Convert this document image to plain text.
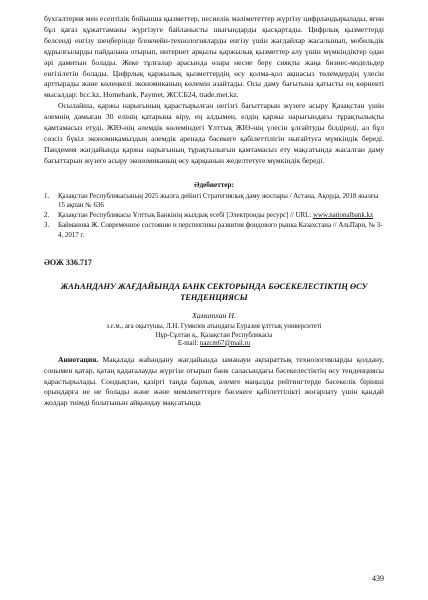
бухгалтерия мен есептілік бойынша қызметтер, несиелік мәлімететтер жүргізу цифрландырылады, яғни бұл қағаз құжаттаманы жүргізуге байланысты шығындарды қысқартады. Цифрлық қызметтерді белсенді енгізу шеңберінде блокчейн-технологияларды енгізу үшін жағдайлар жасалынып, мобильдік құрылғыларды пайдалана отырып, интернет арқылы қаржылық қызметтер алу үшін мүмкіндіктер одан әрі дамитын болады. Жеке тұлғалар арасында өзара несие беру сияқты жаңа бизнес-модельдер енгізілетін болады. Цифрлық қаржылық қызметтердің өсу қолма-қол ақшасыз төлемдердің үлесін арттырады және көлеңкелі экономиканың көлемін азайтады. Осы даму бағытына қатысты ең көрнекті мысалдар: bcc.kz, Homebank, Paymet, ЖССБ24, trade.met.kz.

Осылайша, қаржы нарығының қарастырылған негізгі бағыттарын жүзеге асыру Қазақстан үшін әлемнің дамыған 30 елінің қатарына кіру, ең алдымен, елдің қаржы нарығындағы тұрақтылықты қамтамасыз етуді, ЖІӨ-нің әлемдік көлеміндегі Ұлттық ЖІӨ-нің үлесін ұлғайтуды білдіреді, ал бұл сөзсіз бүкіл экономикамыздың әлемдік аренада бәсекеге қабілеттілігін нығайтуға мүмкіндік береді. Пандемия жағдайында қаржы нарығының тұрақтылығын қамтамасыз ету мақсатында жасалған даму бағыттарын жүзеге асыру экономиканың өсу қарқынын жеделтетуге мүмкіндік береді.

Әдебиеттер:
1.	Қазақстан Республикасының 2025 жылға дейінгі Стратегиялық даму жоспары / Астана, Ақорда, 2018 жылғы 15 ақпан № 636
2.	Қазақстан Республикасы Ұлттық Банкінің жылдық есебі [Электронды ресурс] // URL: www.nationalbank.kz
3.	Байманова Ж. Современное состояние и перспективы развития фондового рынка Казахстана // АльПари, № 3-4, 2017 г.
ӘОЖ 336.717
ЖАҺАНДАНУ ЖАҒДАЙЫНДА БАНК СЕКТОРЫНДА БӘСЕКЕЛЕСТІКТІҢ ӨСУ ТЕНДЕНЦИЯСЫ
Хамитхан Н.

э.ғ.м., аға оқытушы, Л.Н. Гумилев атындағы Еуразия ұлттық университеті

Нұр-Сұлтан қ., Қазақстан Республикасы

E-mail: nazcm67@mail.ru

Аннотация. Мақалада жаһандану жағдайында заманауи ақпараттық технологияларды қолдану, сонымен қатар, қатаң қадағалауды жүргізе отырып банк саласындағы бәсекелестіктің өсу тенденциясы қарастырылады. Сондықтан, қазіргі таңда барлық әлемге маңызды рейтингтерде бәсекелік бірінші орындарға ие не болады және және мемлекеттерге бәсекеге қабілеттілікті жоғарлату үшін қандай жолдар тиімді болатынын айқындау мақсатында

439
